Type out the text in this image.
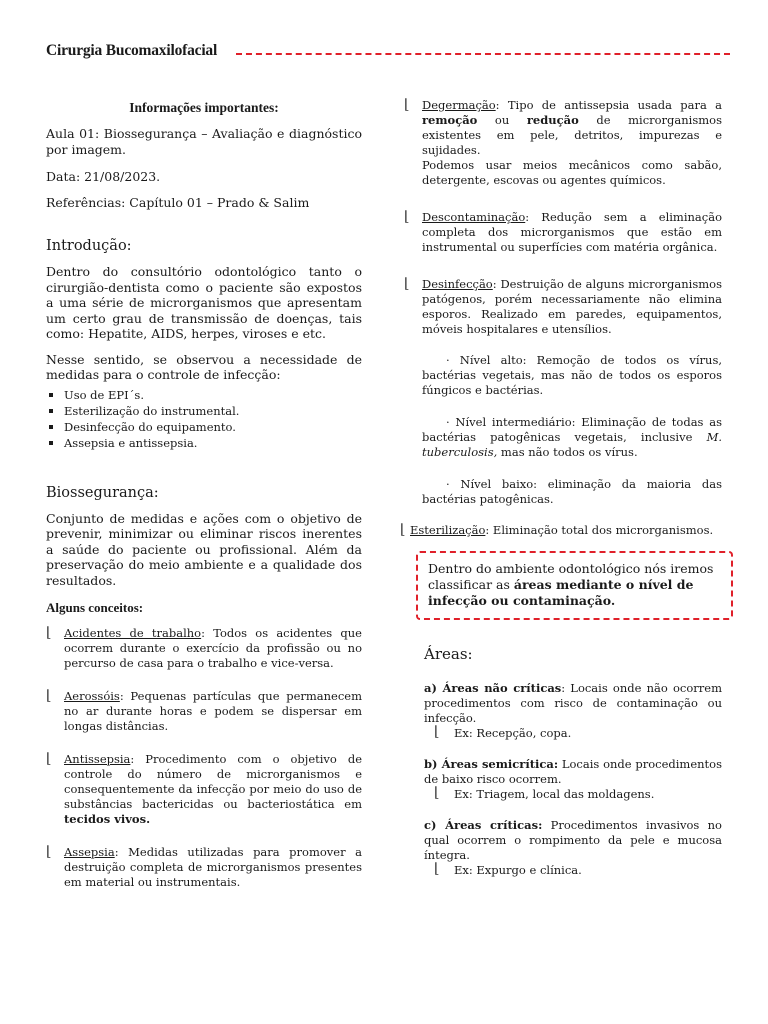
Cirurgia Bucomaxilofacial
Informações importantes:
Aula 01: Biossegurança – Avaliação e diagnóstico por imagem.
Data: 21/08/2023.
Referências: Capítulo 01 – Prado & Salim
Introdução:
Dentro do consultório odontológico tanto o cirurgião-dentista como o paciente são expostos a uma série de microrganismos que apresentam um certo grau de transmissão de doenças, tais como: Hepatite, AIDS, herpes, viroses e etc.
Nesse sentido, se observou a necessidade de medidas para o controle de infecção:
Uso de EPI´s.
Esterilização do instrumental.
Desinfecção do equipamento.
Assepsia e antissepsia.
Biossegurança:
Conjunto de medidas e ações com o objetivo de prevenir, minimizar ou eliminar riscos inerentes a saúde do paciente ou profissional. Além da preservação do meio ambiente e a qualidade dos resultados.
Alguns conceitos:
⌊ Acidentes de trabalho: Todos os acidentes que ocorrem durante o exercício da profissão ou no percurso de casa para o trabalho e vice-versa.
⌊ Aerossóis: Pequenas partículas que permanecem no ar durante horas e podem se dispersar em longas distâncias.
⌊ Antissepsia: Procedimento com o objetivo de controle do número de microrganismos e consequentemente da infecção por meio do uso de substâncias bactericidas ou bacteriostática em tecidos vivos.
⌊ Assepsia: Medidas utilizadas para promover a destruição completa de microrganismos presentes em material ou instrumentais.
⌊ Degermação: Tipo de antissepsia usada para a remoção ou redução de microrganismos existentes em pele, detritos, impurezas e sujidades.
Podemos usar meios mecânicos como sabão, detergente, escovas ou agentes químicos.
⌊ Descontaminação: Redução sem a eliminação completa dos microrganismos que estão em instrumental ou superfícies com matéria orgânica.
⌊ Desinfecção: Destruição de alguns microrganismos patógenos, porém necessariamente não elimina esporos. Realizado em paredes, equipamentos, móveis hospitalares e utensílios.
· Nível alto: Remoção de todos os vírus, bactérias vegetais, mas não de todos os esporos fúngicos e bactérias.
· Nível intermediário: Eliminação de todas as bactérias patogênicas vegetais, inclusive M. tuberculosis, mas não todos os vírus.
· Nível baixo: eliminação da maioria das bactérias patogênicas.
⌊ Esterilização: Eliminação total dos microrganismos.
Dentro do ambiente odontológico nós iremos classificar as áreas mediante o nível de infecção ou contaminação.
Áreas:
a) Áreas não críticas: Locais onde não ocorrem procedimentos com risco de contaminação ou infecção.
⌊ Ex: Recepção, copa.
b) Áreas semicrítica: Locais onde procedimentos de baixo risco ocorrem.
⌊ Ex: Triagem, local das moldagens.
c) Áreas críticas: Procedimentos invasivos no qual ocorrem o rompimento da pele e mucosa íntegra.
⌊ Ex: Expurgo e clínica.
